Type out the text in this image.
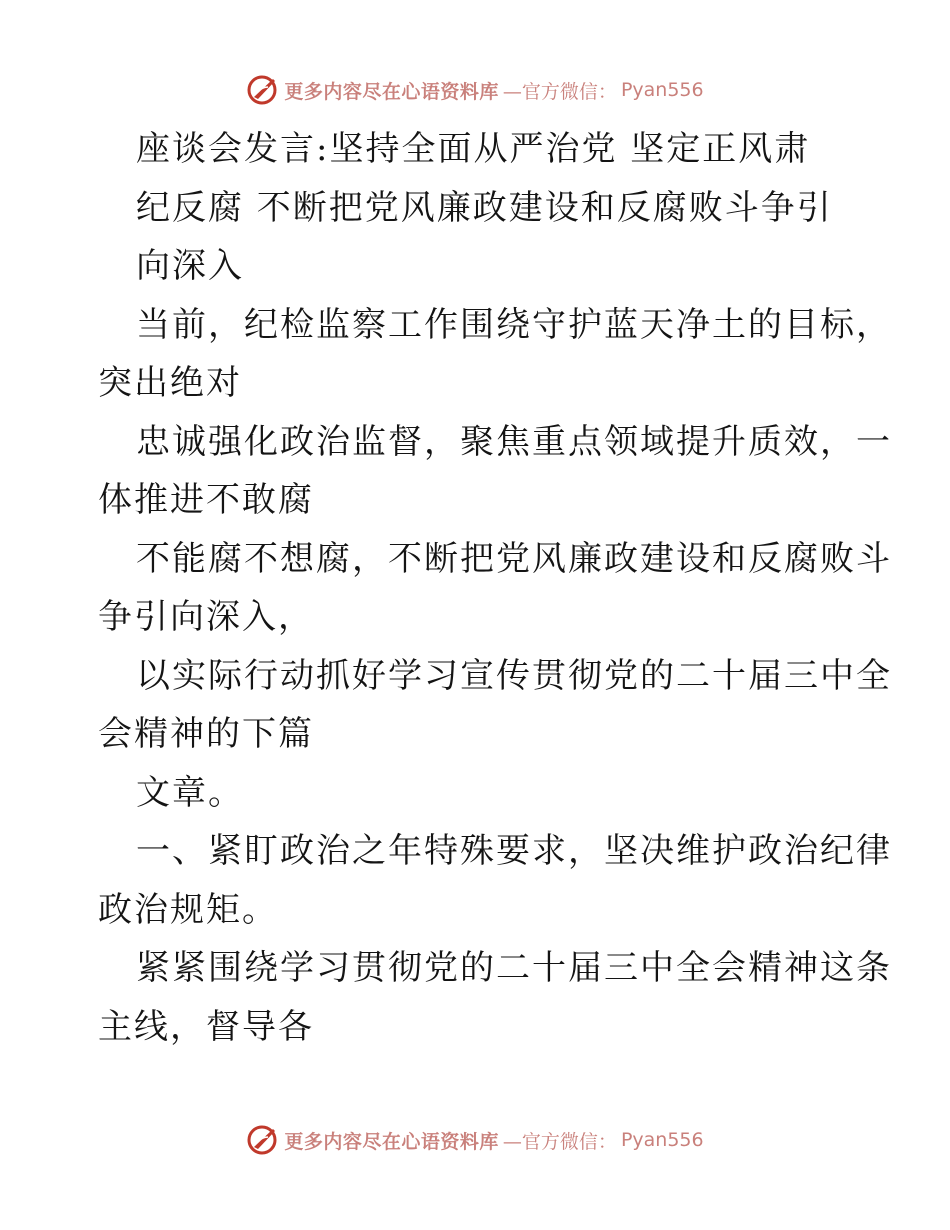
更多内容尽在心语资料库 —官方微信： Pyan556
座谈会发言:坚持全面从严治党 坚定正风肃
纪反腐 不断把党风廉政建设和反腐败斗争引
向深入
当前，纪检监察工作围绕守护蓝天净土的目标，
突出绝对
忠诚强化政治监督，聚焦重点领域提升质效，一
体推进不敢腐
不能腐不想腐，不断把党风廉政建设和反腐败斗
争引向深入，
以实际行动抓好学习宣传贯彻党的二十届三中全
会精神的下篇
文章。
一、紧盯政治之年特殊要求，坚决维护政治纪律
政治规矩。
紧紧围绕学习贯彻党的二十届三中全会精神这条
主线，督导各
更多内容尽在心语资料库 —官方微信： Pyan556
